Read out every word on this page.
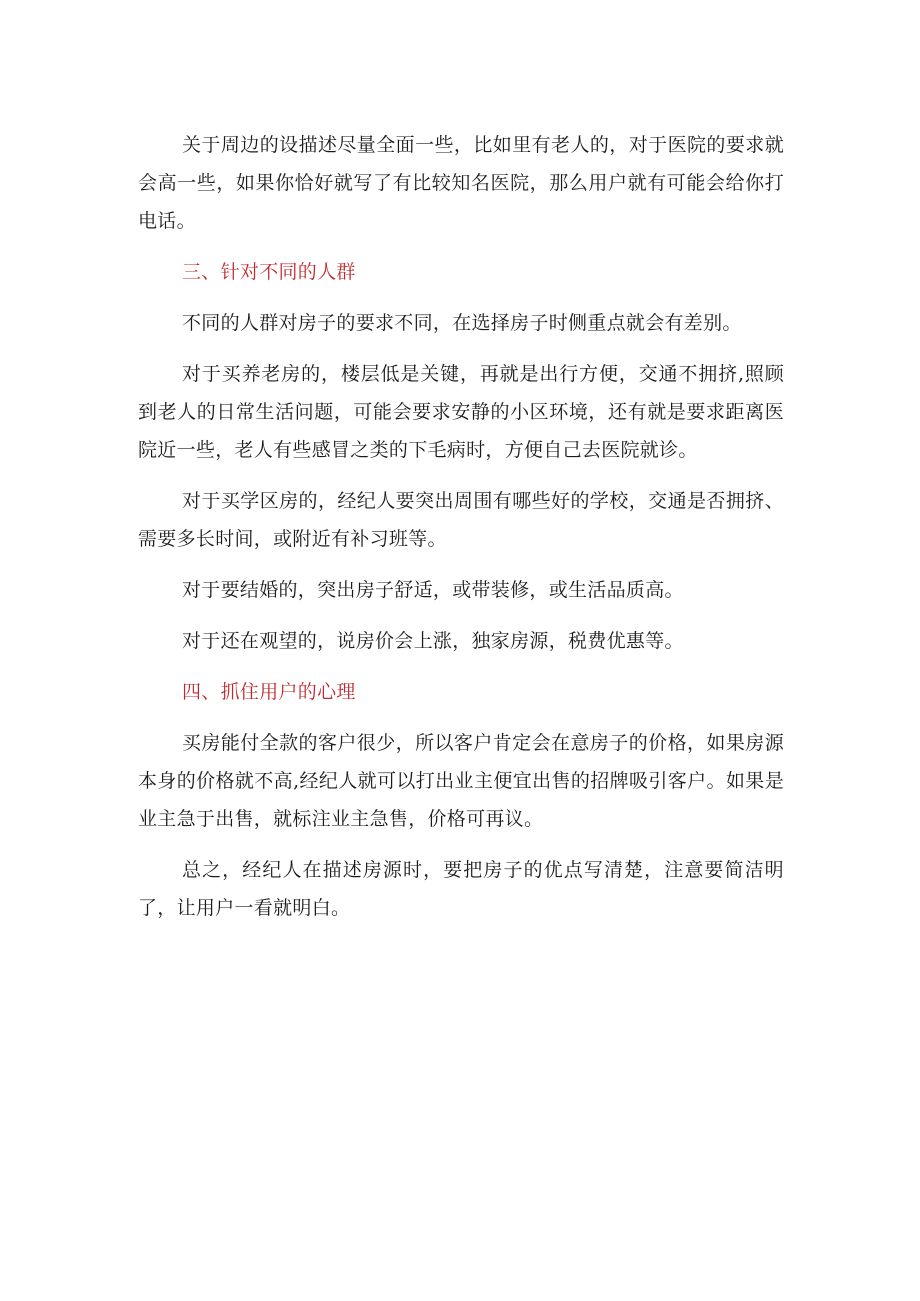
关于周边的设描述尽量全面一些，比如里有老人的，对于医院的要求就会高一些，如果你恰好就写了有比较知名医院，那么用户就有可能会给你打电话。

三、针对不同的人群

不同的人群对房子的要求不同，在选择房子时侧重点就会有差别。

对于买养老房的，楼层低是关键，再就是出行方便，交通不拥挤,照顾到老人的日常生活问题，可能会要求安静的小区环境，还有就是要求距离医院近一些，老人有些感冒之类的下毛病时，方便自己去医院就诊。

对于买学区房的，经纪人要突出周围有哪些好的学校，交通是否拥挤、需要多长时间，或附近有补习班等。

对于要结婚的，突出房子舒适，或带装修，或生活品质高。

对于还在观望的，说房价会上涨，独家房源，税费优惠等。

四、抓住用户的心理

买房能付全款的客户很少，所以客户肯定会在意房子的价格，如果房源本身的价格就不高,经纪人就可以打出业主便宜出售的招牌吸引客户。如果是业主急于出售，就标注业主急售，价格可再议。

总之，经纪人在描述房源时，要把房子的优点写清楚，注意要简洁明了，让用户一看就明白。
